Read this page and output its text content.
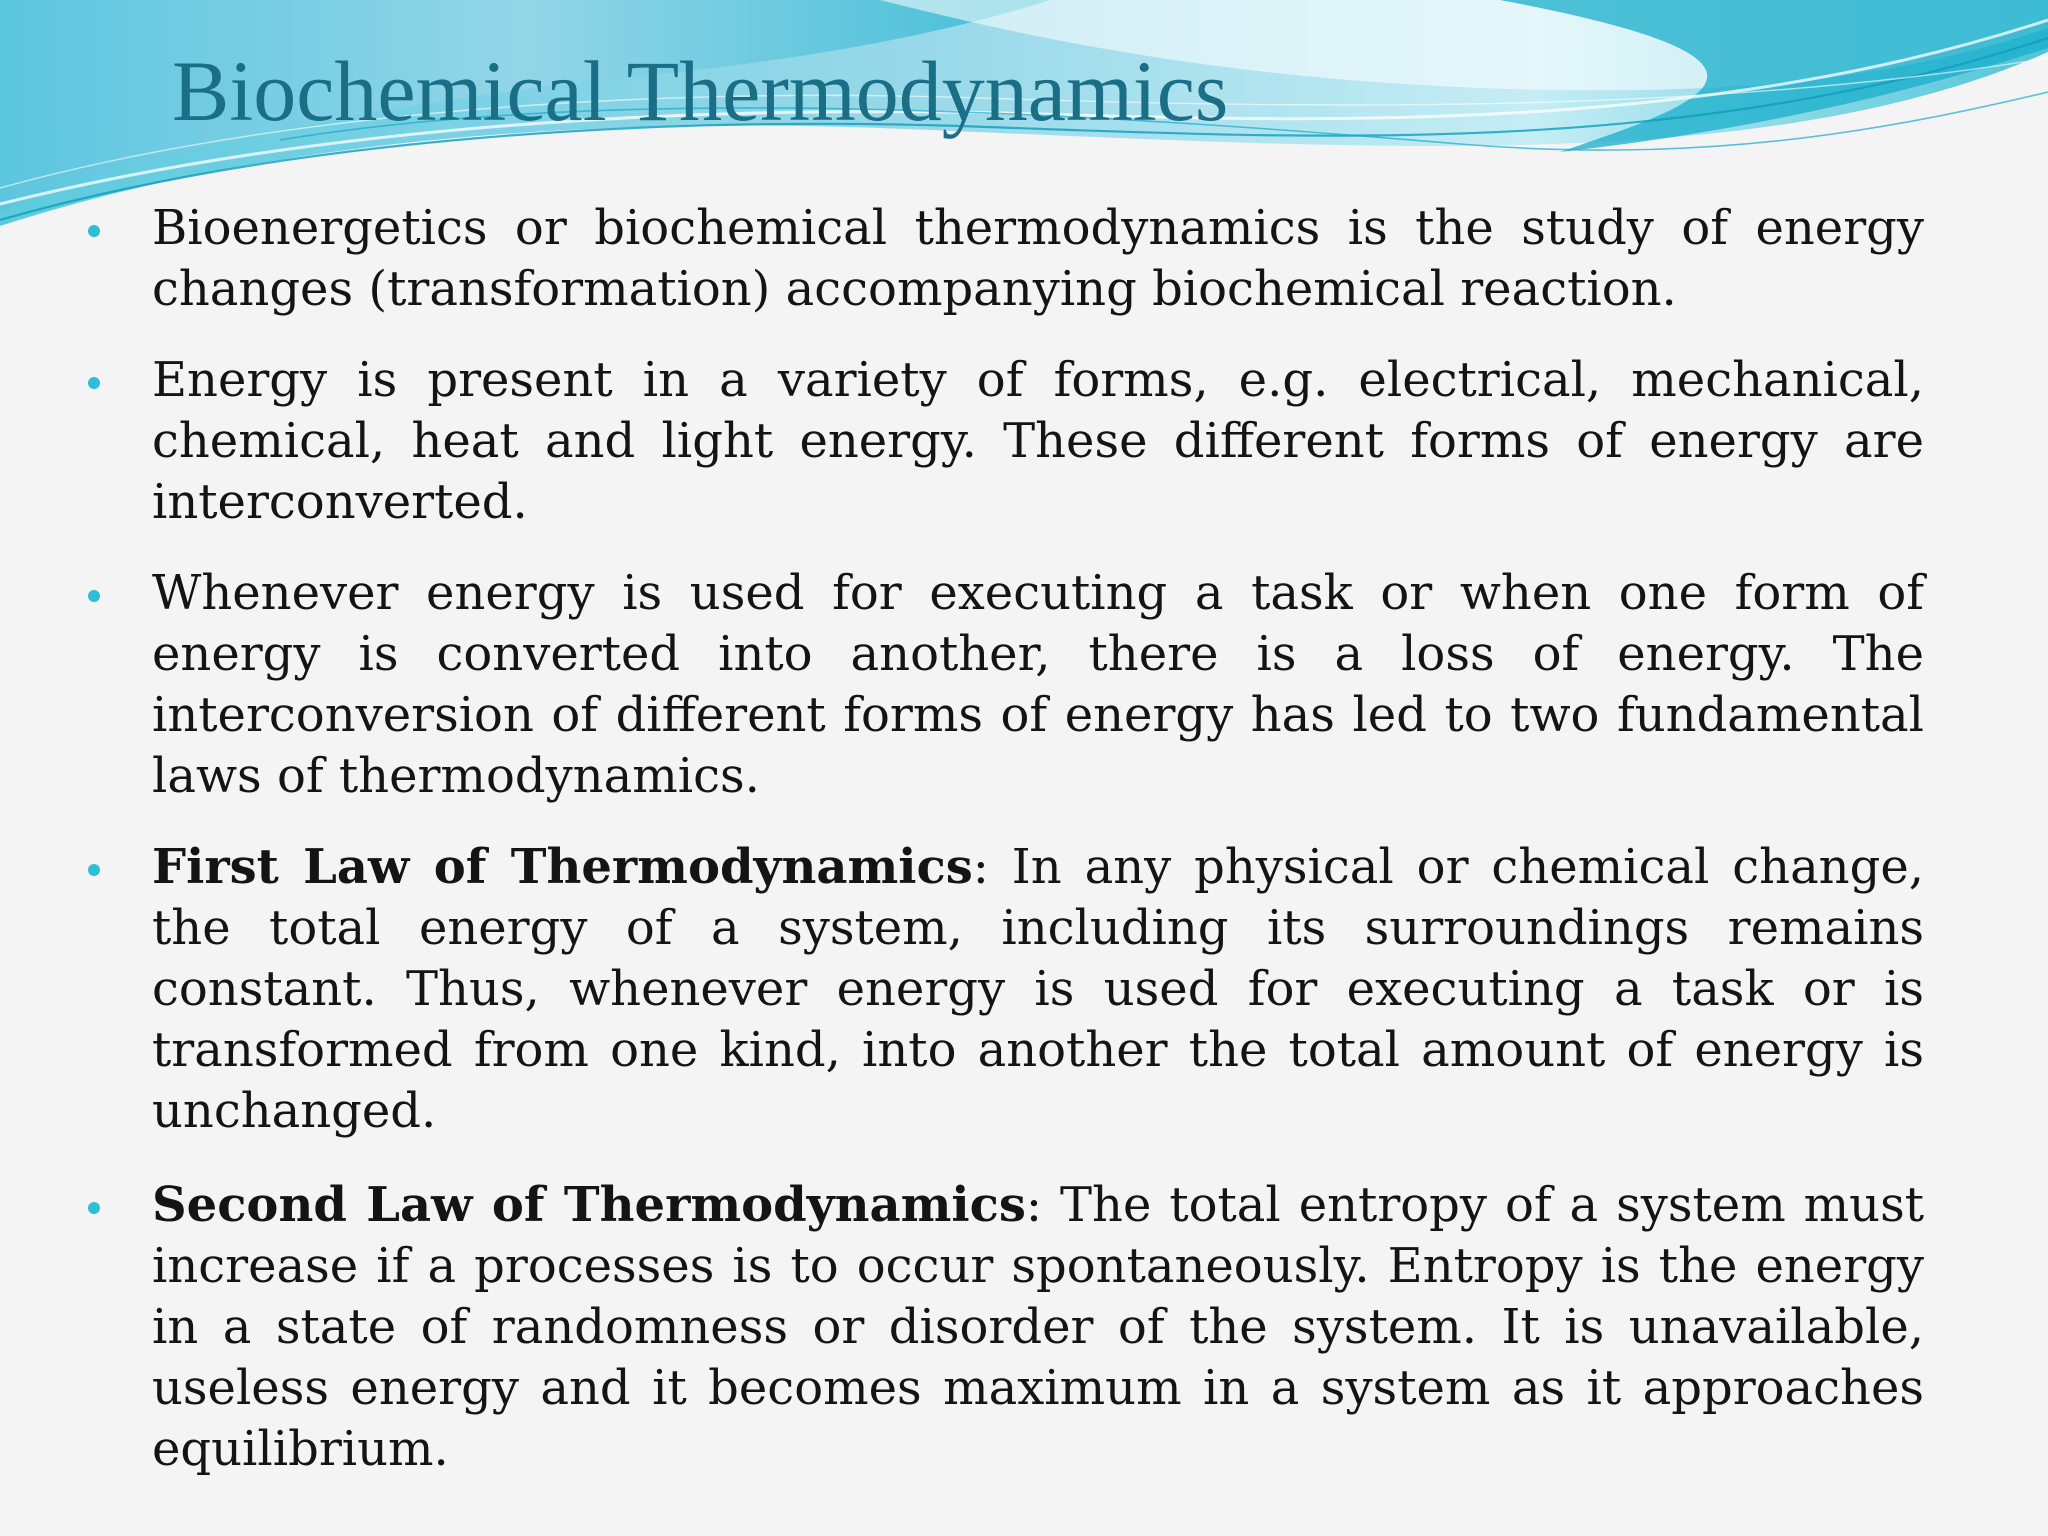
Biochemical Thermodynamics
Bioenergetics or biochemical thermodynamics is the study of energy changes (transformation) accompanying biochemical reaction.
Energy is present in a variety of forms, e.g. electrical, mechanical, chemical, heat and light energy. These different forms of energy are interconverted.
Whenever energy is used for executing a task or when one form of energy is converted into another, there is a loss of energy. The interconversion of different forms of energy has led to two fundamental laws of thermodynamics.
First Law of Thermodynamics: In any physical or chemical change, the total energy of a system, including its surroundings remains constant. Thus, whenever energy is used for executing a task or is transformed from one kind, into another the total amount of energy is unchanged.
Second Law of Thermodynamics: The total entropy of a system must increase if a processes is to occur spontaneously. Entropy is the energy in a state of randomness or disorder of the system. It is unavailable, useless energy and it becomes maximum in a system as it approaches equilibrium.
